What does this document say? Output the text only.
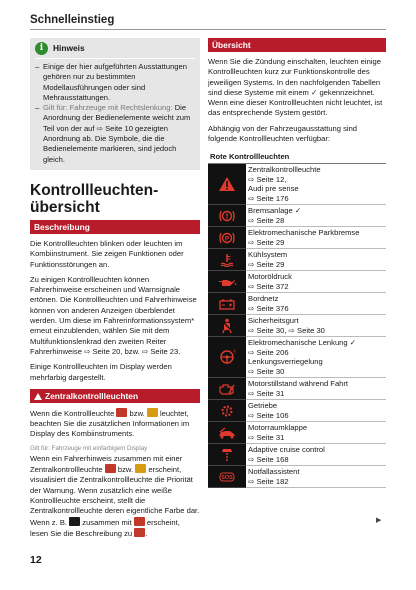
Schnelleinstieg
i	Hinweis
– Einige der hier aufgeführten Ausstattungen gehören nur zu bestimmten Modellausführungen oder sind Mehrausstattungen.
– Gilt für: Fahrzeuge mit Rechtslenkung: Die Anordnung der Bedienelemente weicht zum Teil von der auf ⇨ Seite 10 gezeigten Anordnung ab. Die Symbole, die die Bedienelemente markieren, sind jedoch gleich.
Kontrollleuchten-übersicht
Beschreibung
Die Kontrollleuchten blinken oder leuchten im Kombiinstrument. Sie zeigen Funktionen oder Funktionsstörungen an.
Zu einigen Kontrollleuchten können Fahrerhinweise erscheinen und Warnsignale ertönen. Die Kontrollleuchten und Fahrerhinweise können von anderen Anzeigen überblendet werden. Um diese im Fahrerinformationssystem* erneut einzublenden, wählen Sie mit dem Multifunktionslenkrad den zweiten Reiter Fahrerhinweise ⇨ Seite 20, bzw. ⇨ Seite 23.
Einige Kontrollleuchten im Display werden mehrfarbig dargestellt.
Zentralkontrollleuchten
Wenn die Kontrollleuchte bzw. leuchtet, beachten Sie die zusätzlichen Informationen im Display des Kombiinstruments.
Gilt für: Fahrzeuge mit einfarbigem Display
Wenn ein Fahrerhinweis zusammen mit einer Zentralkontrollleuchte bzw. erscheint, visualisiert die Zentralkontrollleuchte die Priorität der Warnung. Wenn zusätzlich eine weiße Kontrollleuchte erscheint, stellt die Zentralkontrollleuchte deren eigentliche Farbe dar. Wenn z. B. zusammen mit erscheint, lesen Sie die Beschreibung zu .
Übersicht
Wenn Sie die Zündung einschalten, leuchten einige Kontrollleuchten kurz zur Funktionskontrolle des jeweiligen Systems. In den nachfolgenden Tabellen sind diese Systeme mit einem ✓ gekennzeichnet. Wenn eine dieser Kontrollleuchten nicht leuchtet, ist das entsprechende System gestört.
Abhängig von der Fahrzeugausstattung sind folgende Kontrollleuchten verfügbar:
Rote Kontrollleuchten	

Zentralkontrollleuchte
⇨ Seite 12,
Audi pre sense
⇨ Seite 176

Bremsanlage ✓
⇨ Seite 28

P	Elektromechanische Parkbremse
⇨ Seite 29

Kühlsystem
⇨ Seite 29

Motoröldruck
⇨ Seite 372

Bordnetz
⇨ Seite 376

Sicherheitsgurt
⇨ Seite 30, ⇨ Seite 30

!	Elektromechanische Lenkung ✓
⇨ Seite 206
Lenkungsverriegelung
⇨ Seite 30

Motorstillstand während Fahrt
⇨ Seite 31

Getriebe
⇨ Seite 106

Motorraumklappe
⇨ Seite 31

Adaptive cruise control
⇨ Seite 168

SOS	Notfallassistent
⇨ Seite 182
▶
12
